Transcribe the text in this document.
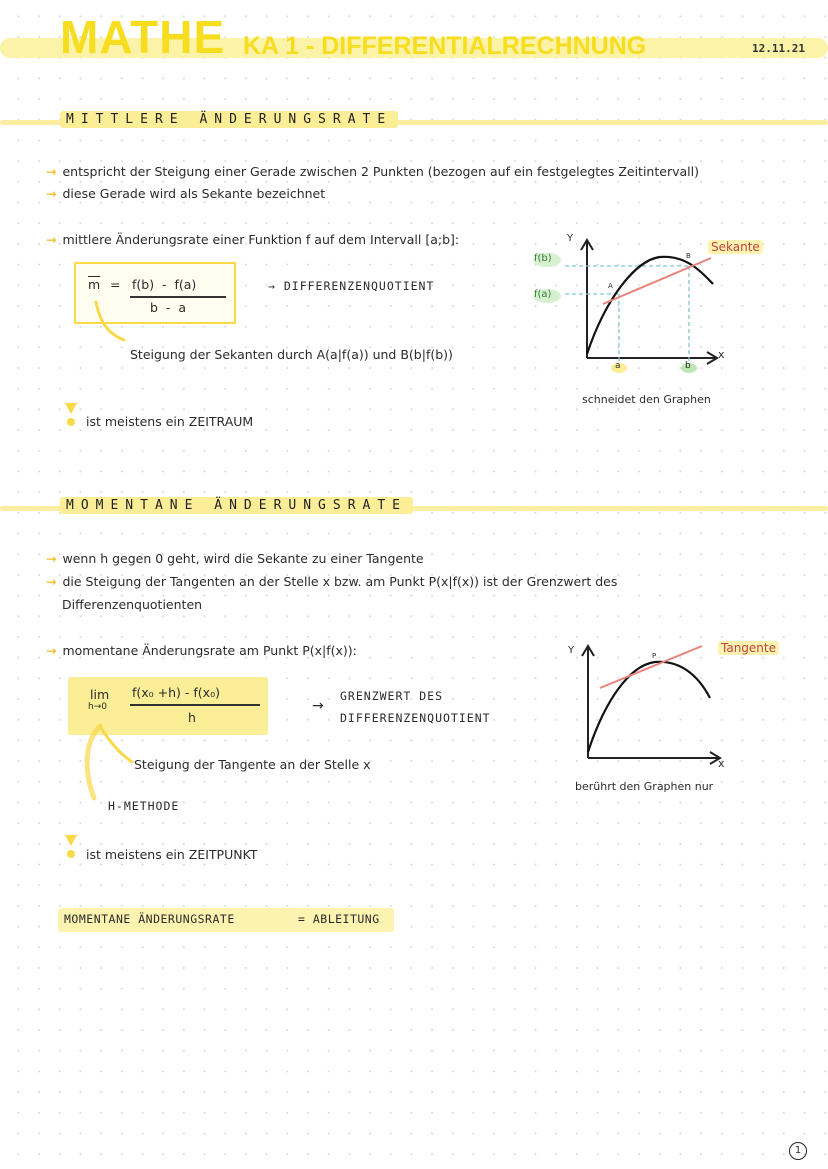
MATHE KA 1 - DIFFERENTIALRECHNUNG	12.11.21
MITTLERE ÄNDERUNGSRATE
→ entspricht der Steigung einer Gerade zwischen 2 Punkten (bezogen auf ein festgelegtes Zeitintervall)
→ diese Gerade wird als Sekante bezeichnet
→ mittlere Änderungsrate einer Funktion f auf dem Intervall [a;b]:
$\overline{m} = f(b) - f(a)$
b  -  a
→ DIFFERENZENQUOTIENT
Steigung der Sekanten durch A(a|f(a)) und B(b|f(b))
ist meistens ein ZEITRAUM
Y
x
f(b)
f(a)
A
B
a	b
Sekante
schneidet den Graphen
MOMENTANE ÄNDERUNGSRATE
→ wenn h gegen 0 geht, wird die Sekante zu einer Tangente
→ die Steigung der Tangenten an der Stelle x bzw. am Punkt P(x|f(x)) ist der Grenzwert des
Differenzenquotienten
→ momentane Änderungsrate am Punkt P(x|f(x)):
lim
h→0
f(x₀ +h) - f(x₀)
h
→
GRENZWERT DES
DIFFERENZENQUOTIENT
Steigung der Tangente an der Stelle x
H-METHODE
ist meistens ein ZEITPUNKT
MOMENTANE ÄNDERUNGSRATE	= ABLEITUNG
Y
x
P
Tangente
berührt den Graphen nur
1
